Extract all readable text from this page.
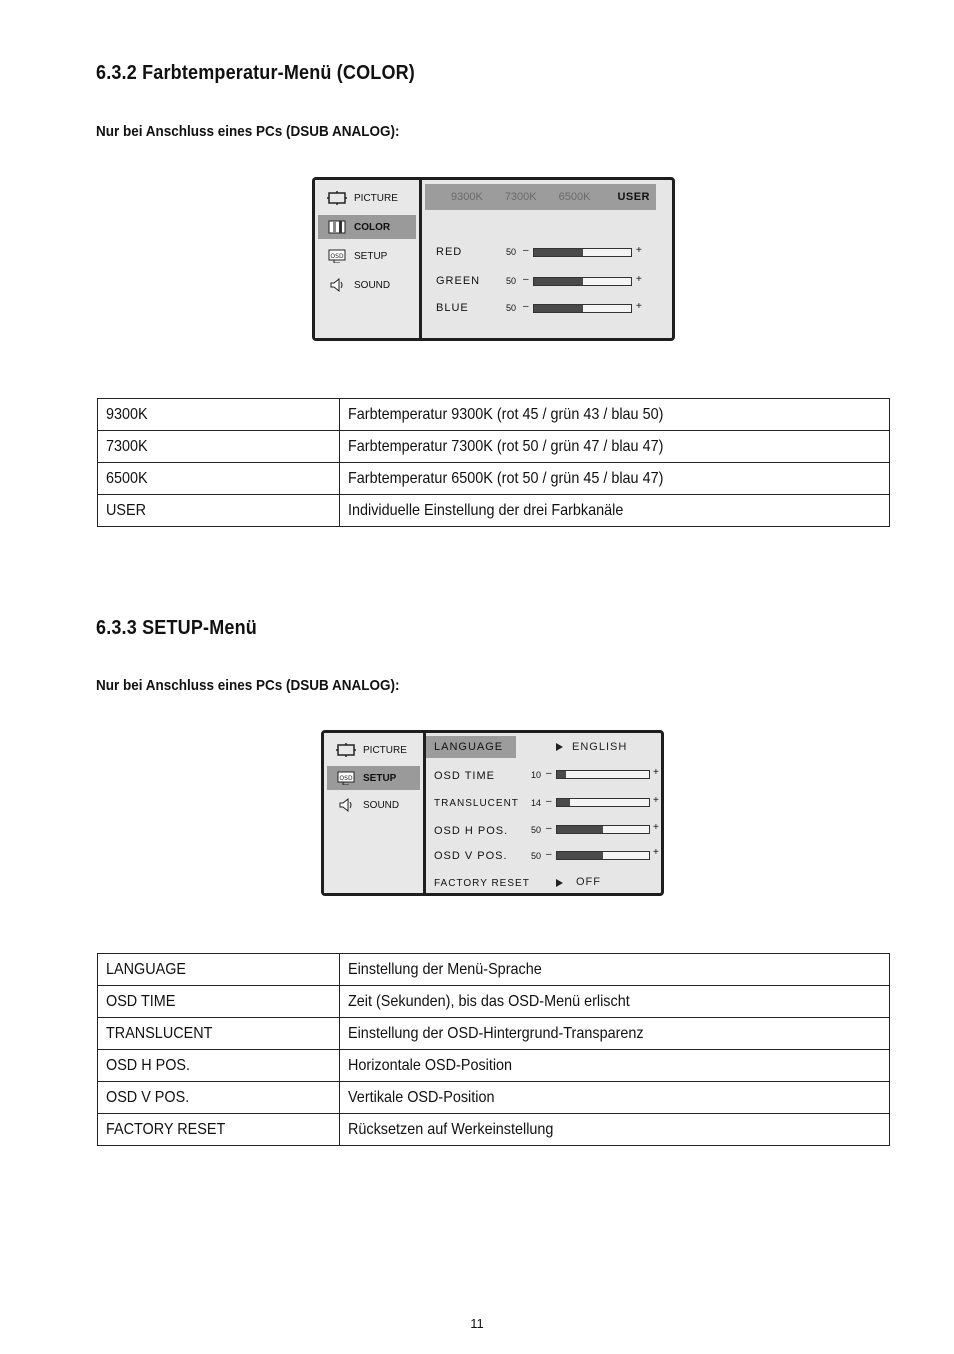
6.3.2 Farbtemperatur-Menü (COLOR)
Nur bei Anschluss eines PCs (DSUB ANALOG):
PICTURE
COLOR
OSD SETUP
SOUND
9300K 7300K 6500K USER
RED	50 –	+
GREEN	50 –	+
BLUE	50 –	+
9300K	Farbtemperatur 9300K (rot 45 / grün 43 / blau 50)
7300K	Farbtemperatur 7300K (rot 50 / grün 47 / blau 47)
6500K	Farbtemperatur 6500K (rot 50 / grün 45 / blau 47)
USER	Individuelle Einstellung der drei Farbkanäle
6.3.3 SETUP-Menü
Nur bei Anschluss eines PCs (DSUB ANALOG):
PICTURE
OSD SETUP
SOUND
LANGUAGE	ENGLISH
OSD TIME	10 –	+
TRANSLUCENT 14 –	+
OSD H POS.	50 –	+
OSD V POS.	50 –	+
FACTORY RESET	OFF
LANGUAGE	Einstellung der Menü-Sprache
OSD TIME	Zeit (Sekunden), bis das OSD-Menü erlischt
TRANSLUCENT	Einstellung der OSD-Hintergrund-Transparenz
OSD H POS.	Horizontale OSD-Position
OSD V POS.	Vertikale OSD-Position
FACTORY RESET	Rücksetzen auf Werkeinstellung
11
